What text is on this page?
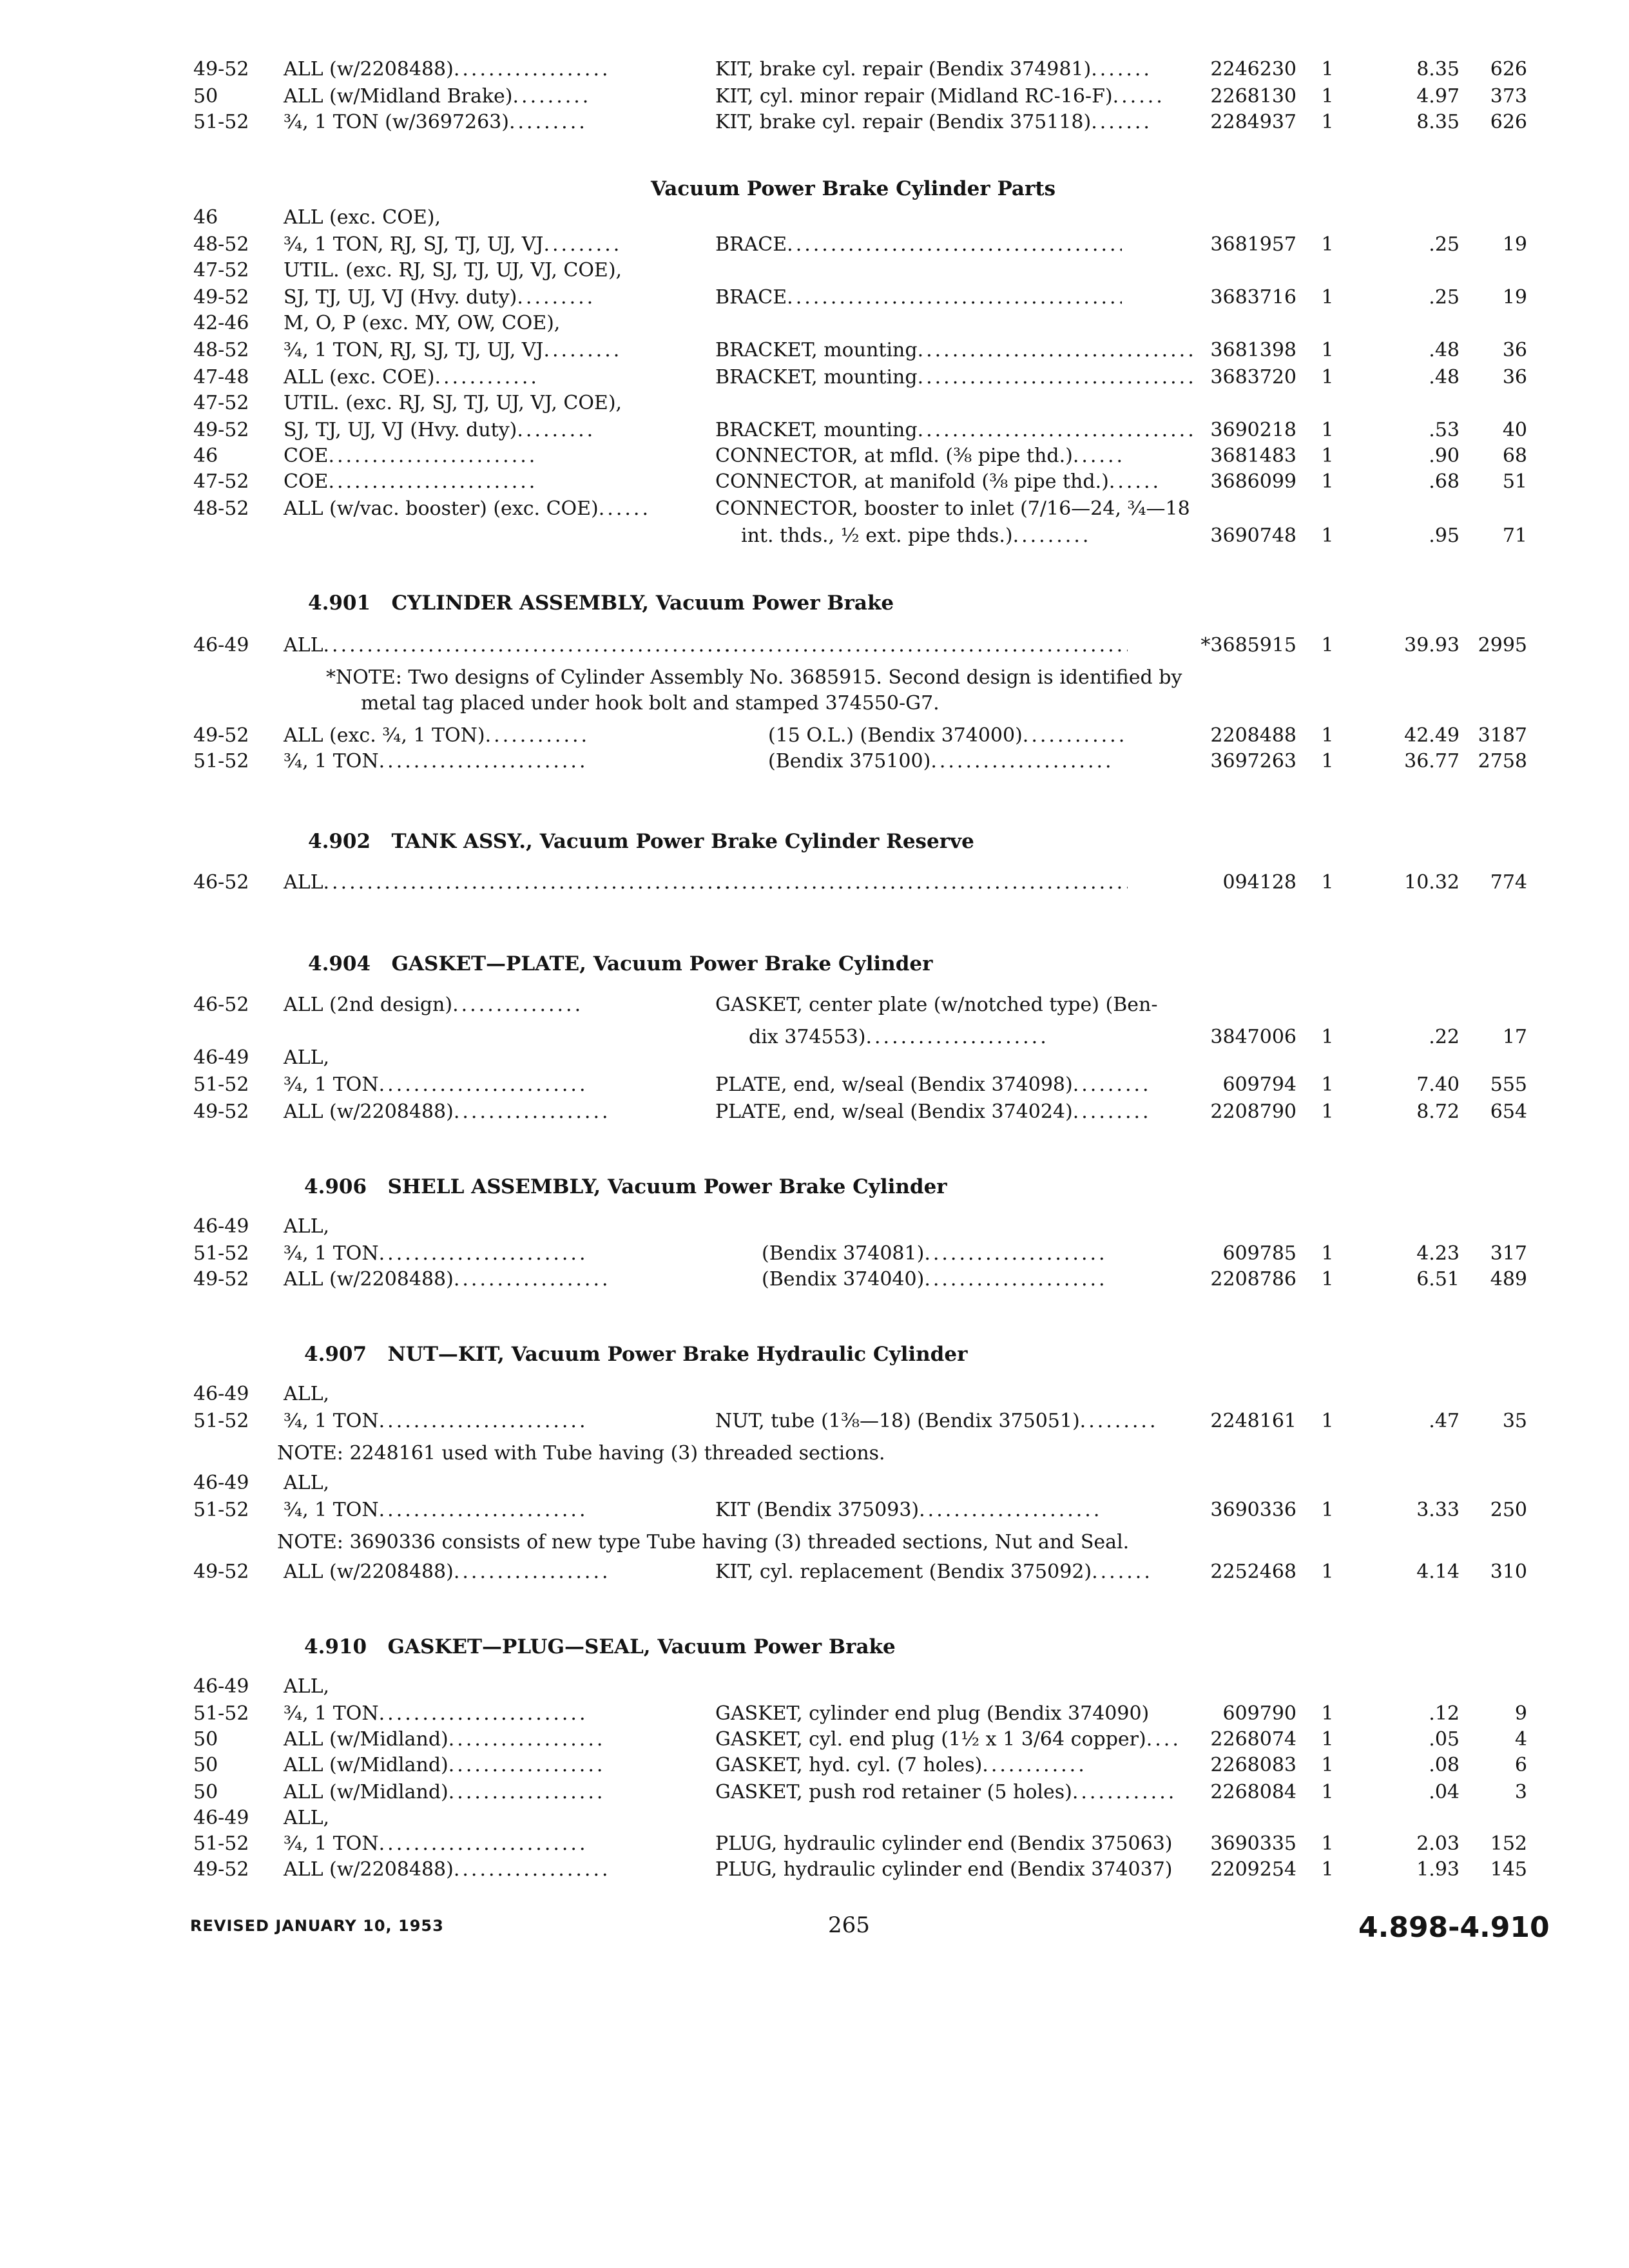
49-52 ALL (w/2208488) .....	KIT, brake cyl. repair (Bendix 374981) .....	2246230	1	8.35	626
50	ALL (w/Midland Brake) .....	KIT, cyl. minor repair (Midland RC-16-F) .....	2268130	1	4.97	373
51-52 ¾, 1 TON (w/3697263) .....	KIT, brake cyl. repair (Bendix 375118) .....	2284937	1	8.35	626
Vacuum Power Brake Cylinder Parts
46	ALL (exc. COE),
48-52 ¾, 1 TON, RJ, SJ, TJ, UJ, VJ .....	BRACE .....	3681957	1	.25	19
47-52 UTIL. (exc. RJ, SJ, TJ, UJ, VJ, COE),
49-52 SJ, TJ, UJ, VJ (Hvy. duty) .....	BRACE .....	3683716	1	.25	19
42-46 M, O, P (exc. MY, OW, COE),
48-52 ¾, 1 TON, RJ, SJ, TJ, UJ, VJ .....	BRACKET, mounting .....	3681398	1	.48	36
47-48 ALL (exc. COE) .....	BRACKET, mounting .....	3683720	1	.48	36
47-52 UTIL. (exc. RJ, SJ, TJ, UJ, VJ, COE),
49-52 SJ, TJ, UJ, VJ (Hvy. duty) .....	BRACKET, mounting .....	3690218	1	.53	40
46	COE .....	CONNECTOR, at mfld. (⅜ pipe thd.) .....	3681483	1	.90	68
47-52 COE .....	CONNECTOR, at manifold (⅜ pipe thd.) .....	3686099	1	.68	51
48-52 ALL (w/vac. booster) (exc. COE) .....	CONNECTOR, booster to inlet (7/16—24, ¾—18
int. thds., ½ ext. pipe thds.) .....	3690748	1	.95	71
4.901 CYLINDER ASSEMBLY, Vacuum Power Brake
46-49 ALL ..... .....	*3685915	1	39.93 2995
*NOTE: Two designs of Cylinder Assembly No. 3685915. Second design is identified by
metal tag placed under hook bolt and stamped 374550-G7.
49-52 ALL (exc. ¾, 1 TON) .....	(15 O.L.) (Bendix 374000) .....	2208488	1	42.49 3187
51-52 ¾, 1 TON .....	(Bendix 375100) .....	3697263	1	36.77 2758
4.902 TANK ASSY., Vacuum Power Brake Cylinder Reserve
46-52 ALL ..... .....	094128	1	10.32	774
4.904 GASKET—PLATE, Vacuum Power Brake Cylinder
46-52 ALL (2nd design) .....	GASKET, center plate (w/notched type) (Ben-
dix 374553) .....	3847006	1	.22	17
46-49 ALL,
51-52 ¾, 1 TON .....	PLATE, end, w/seal (Bendix 374098) .....	609794	1	7.40	555
49-52 ALL (w/2208488) .....	PLATE, end, w/seal (Bendix 374024) .....	2208790	1	8.72	654
4.906 SHELL ASSEMBLY, Vacuum Power Brake Cylinder
46-49 ALL,
51-52 ¾, 1 TON .....	(Bendix 374081) .....	609785	1	4.23	317
49-52 ALL (w/2208488) .....	(Bendix 374040) .....	2208786	1	6.51	489
4.907 NUT—KIT, Vacuum Power Brake Hydraulic Cylinder
46-49 ALL,
51-52 ¾, 1 TON .....	NUT, tube (1⅜—18) (Bendix 375051) .....	2248161	1	.47	35
NOTE: 2248161 used with Tube having (3) threaded sections.
46-49 ALL,
51-52 ¾, 1 TON .....	KIT (Bendix 375093) .....	3690336	1	3.33	250
NOTE: 3690336 consists of new type Tube having (3) threaded sections, Nut and Seal.
49-52 ALL (w/2208488) .....	KIT, cyl. replacement (Bendix 375092) .....	2252468	1	4.14	310
4.910 GASKET—PLUG—SEAL, Vacuum Power Brake
46-49 ALL,
51-52 ¾, 1 TON .....	GASKET, cylinder end plug (Bendix 374090)	609790	1	.12	9
50	ALL (w/Midland) .....	GASKET, cyl. end plug (1½ x 1 3/64 copper) .....	2268074	1	.05	4
50	ALL (w/Midland) .....	GASKET, hyd. cyl. (7 holes) .....	2268083	1	.08	6
50	ALL (w/Midland) .....	GASKET, push rod retainer (5 holes) .....	2268084	1	.04	3
46-49 ALL,
51-52 ¾, 1 TON .....	PLUG, hydraulic cylinder end (Bendix 375063)	3690335	1	2.03	152
49-52 ALL (w/2208488) .....	PLUG, hydraulic cylinder end (Bendix 374037)	2209254	1	1.93	145
REVISED JANUARY 10, 1953	265	4.898-4.910
